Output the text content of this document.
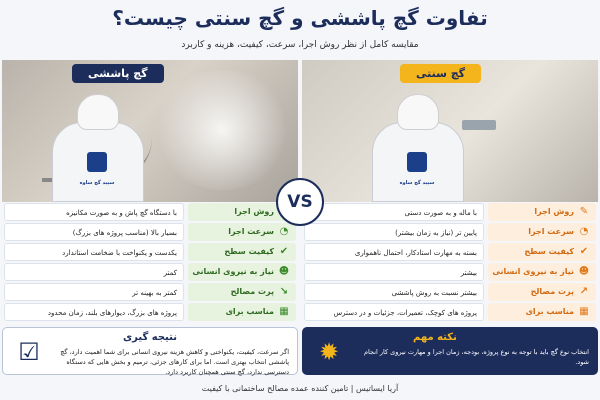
تفاوت گچ پاششی و گچ سنتی چیست؟
مقایسه کامل از نظر روش اجرا، سرعت، کیفیت، هزینه و کاربرد
سپید گچ ساوه
گچ پاششی
سپید گچ ساوه
گچ سنتی
VS
روش اجرا
با دستگاه گچ پاش و به صورت مکانیزه
◔
سرعت اجرا
بسیار بالا (مناسب پروژه های بزرگ)
✔
کیفیت سطح
یکدست و یکنواخت با ضخامت استاندارد
☻
نیاز به نیروی انسانی
کمتر
↘
پرت مصالح
کمتر به بهینه تر
▦
مناسب برای
پروژه های بزرگ، دیوارهای بلند، زمان محدود
✎
روش اجرا
با ماله و به صورت دستی
◔
سرعت اجرا
پایین تر (نیاز به زمان بیشتر)
✔
کیفیت سطح
بسته به مهارت استادکار، احتمال ناهمواری
☻
نیاز به نیروی انسانی
بیشتر
↗
پرت مصالح
بیشتر نسبت به روش پاششی
▦
مناسب برای
پروژه های کوچک، تعمیرات، جزئیات و در دسترس
☑
نتیجه گیری
اگر سرعت، کیفیت، یکنواختی و کاهش هزینه نیروی انسانی برای شما اهمیت دارد، گچ پاششی انتخاب بهتری است. اما برای کارهای جزئی، ترمیم و بخش هایی که دستگاه دسترسی ندارد، گچ سنتی همچنان کاربرد دارد.
✹
نکته مهم
انتخاب نوع گچ باید با توجه به نوع پروژه، بودجه، زمان اجرا و مهارت نیروی کار انجام شود.
آریا ایساتیس | تامین کننده عمده مصالح ساختمانی با کیفیت
